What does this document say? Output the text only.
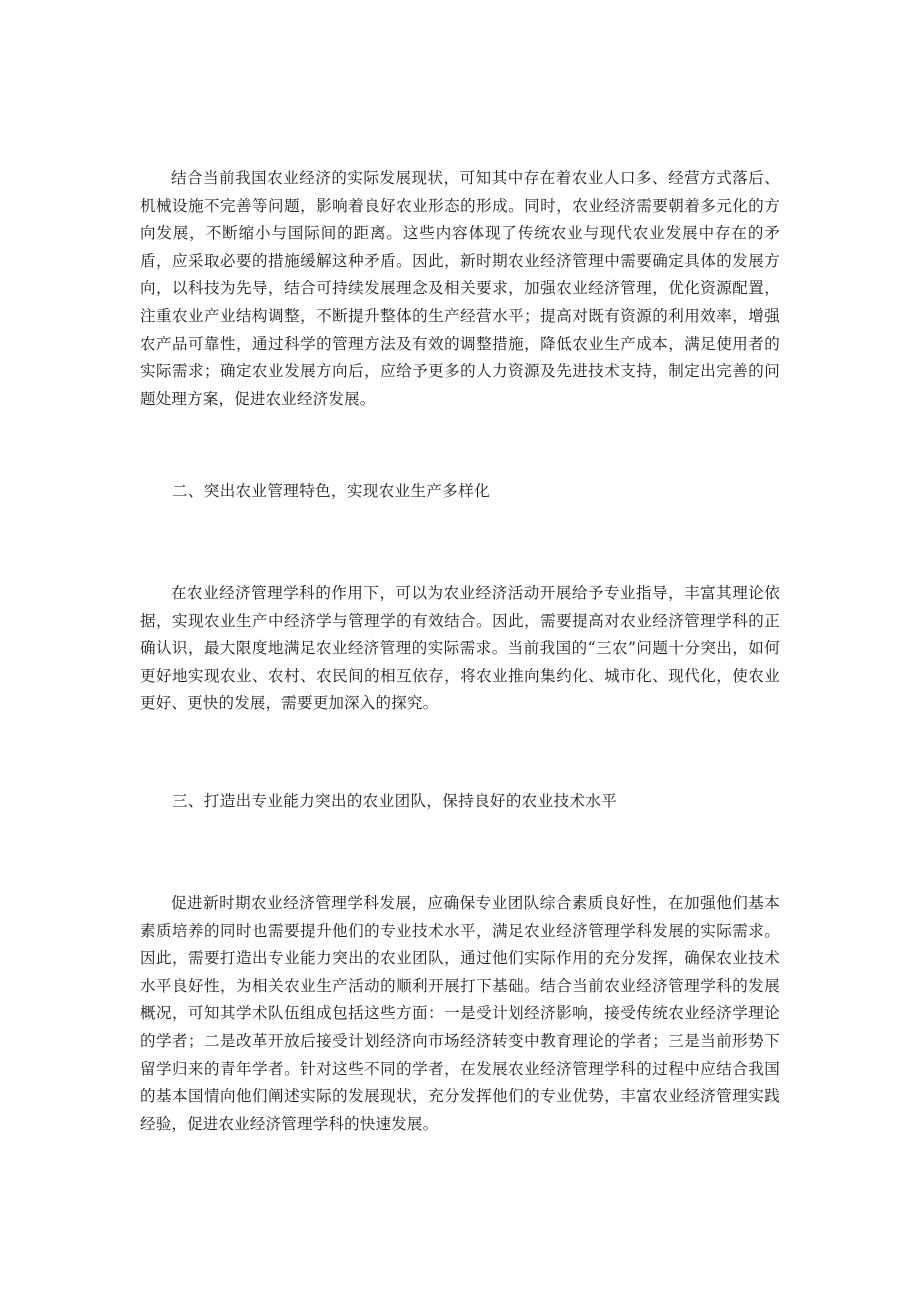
结合当前我国农业经济的实际发展现状，可知其中存在着农业人口多、经营方式落后、机械设施不完善等问题，影响着良好农业形态的形成。同时，农业经济需要朝着多元化的方向发展，不断缩小与国际间的距离。这些内容体现了传统农业与现代农业发展中存在的矛盾，应采取必要的措施缓解这种矛盾。因此，新时期农业经济管理中需要确定具体的发展方向，以科技为先导，结合可持续发展理念及相关要求，加强农业经济管理，优化资源配置，注重农业产业结构调整，不断提升整体的生产经营水平；提高对既有资源的利用效率，增强农产品可靠性，通过科学的管理方法及有效的调整措施，降低农业生产成本，满足使用者的实际需求；确定农业发展方向后，应给予更多的人力资源及先进技术支持，制定出完善的问题处理方案，促进农业经济发展。

二、突出农业管理特色，实现农业生产多样化

在农业经济管理学科的作用下，可以为农业经济活动开展给予专业指导，丰富其理论依据，实现农业生产中经济学与管理学的有效结合。因此，需要提高对农业经济管理学科的正确认识，最大限度地满足农业经济管理的实际需求。当前我国的“三农”问题十分突出，如何更好地实现农业、农村、农民间的相互依存，将农业推向集约化、城市化、现代化，使农业更好、更快的发展，需要更加深入的探究。

三、打造出专业能力突出的农业团队，保持良好的农业技术水平

促进新时期农业经济管理学科发展，应确保专业团队综合素质良好性，在加强他们基本素质培养的同时也需要提升他们的专业技术水平，满足农业经济管理学科发展的实际需求。因此，需要打造出专业能力突出的农业团队，通过他们实际作用的充分发挥，确保农业技术水平良好性，为相关农业生产活动的顺利开展打下基础。结合当前农业经济管理学科的发展概况，可知其学术队伍组成包括这些方面：一是受计划经济影响，接受传统农业经济学理论的学者；二是改革开放后接受计划经济向市场经济转变中教育理论的学者；三是当前形势下留学归来的青年学者。针对这些不同的学者，在发展农业经济管理学科的过程中应结合我国的基本国情向他们阐述实际的发展现状，充分发挥他们的专业优势，丰富农业经济管理实践经验，促进农业经济管理学科的快速发展。
